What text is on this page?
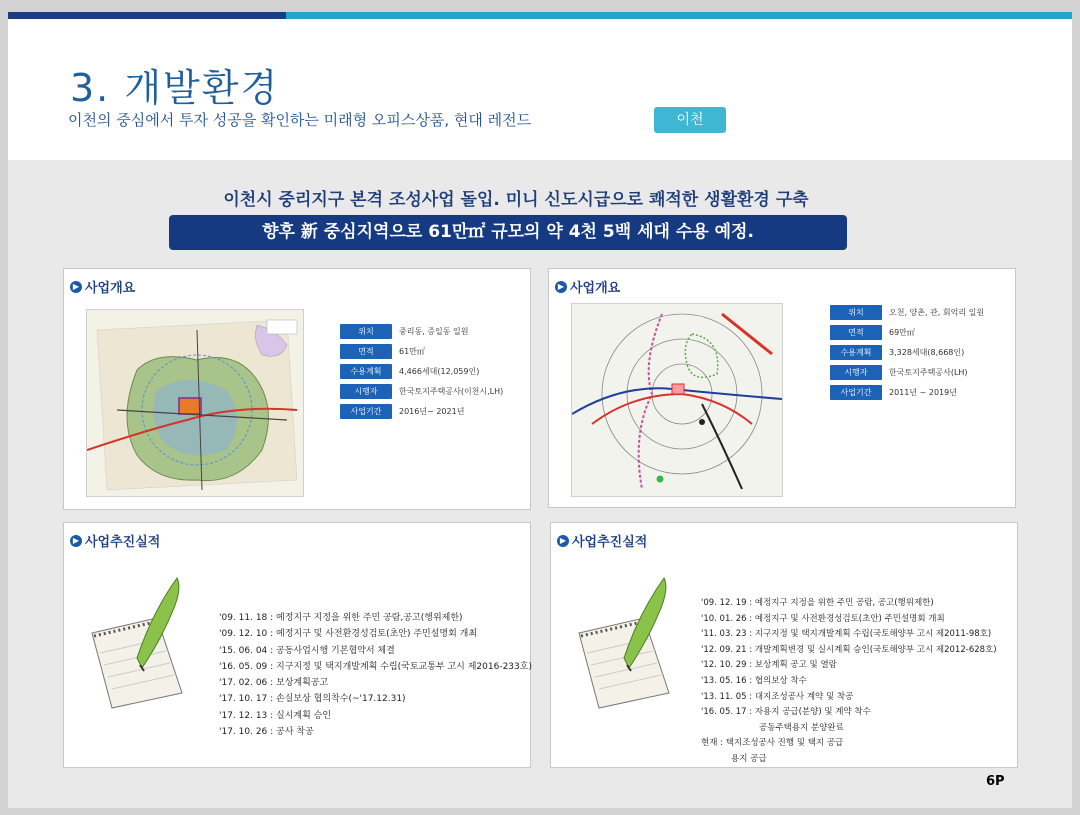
3. 개발환경
이천의 중심에서 투자 성공을 확인하는 미래형 오피스상품, 현대 레전드	이천
이천시 중리지구 본격 조성사업 돌입. 미니 신도시급으로 쾌적한 생활환경 구축
향후 新 중심지역으로 61만㎡ 규모의 약 4천 5백 세대 수용 예정.
▶ 사업개요
위치	중리동, 증일동 일원
면적	61만㎡
수용계획	4,466세대(12,059인)
시행자	한국토지주택공사(이천시,LH)
사업기간	2016년~ 2021년
▶ 사업개요
위치	오천, 양촌, 관, 회억리 일원
면적	69만㎡
수용계획	3,328세대(8,668인)
시행자	한국토지주택공사(LH)
사업기간	2011년 ~ 2019년
▶ 사업추진실적
'09. 11. 18 : 예정지구 지정을 위한 주민 공람,공고(행위제한)
'09. 12. 10 : 예정지구 및 사전환경성검토(초안) 주민설명회 개최
'15. 06. 04 : 공동사업시행 기본협약서 체결
'16. 05. 09 : 지구지정 및 택지개발계획 수립(국토교통부 고시 제2016-233호)
'17. 02. 06 : 보상계획공고
'17. 10. 17 : 손실보상 협의착수(~'17.12.31)
'17. 12. 13 : 실시계획 승인
'17. 10. 26 : 공사 착공
▶ 사업추진실적
'09. 12. 19 : 예정지구 지정을 위한 주민 공람, 공고(행위제한)
'10. 01. 26 : 예정지구 및 사전환경성검토(초안) 주민설명회 개최
'11. 03. 23 : 지구지정 및 택지개발계획 수립(국토해양부 고시 제2011-98호)
'12. 09. 21 : 개발계획변경 및 실시계획 승인(국토해양부 고시 제2012-628호)
'12. 10. 29 : 보상계획 공고 및 열람
'13. 05. 16 : 협의보상 착수
'13. 11. 05 : 대지조성공사 계약 및 착공
'16. 05. 17 : 자용지 공급(분양) 및 계약 착수
공동주택용지 분양완료
현재 : 택지조성공사 진행 및 택지 공급
용지 공급
6P
